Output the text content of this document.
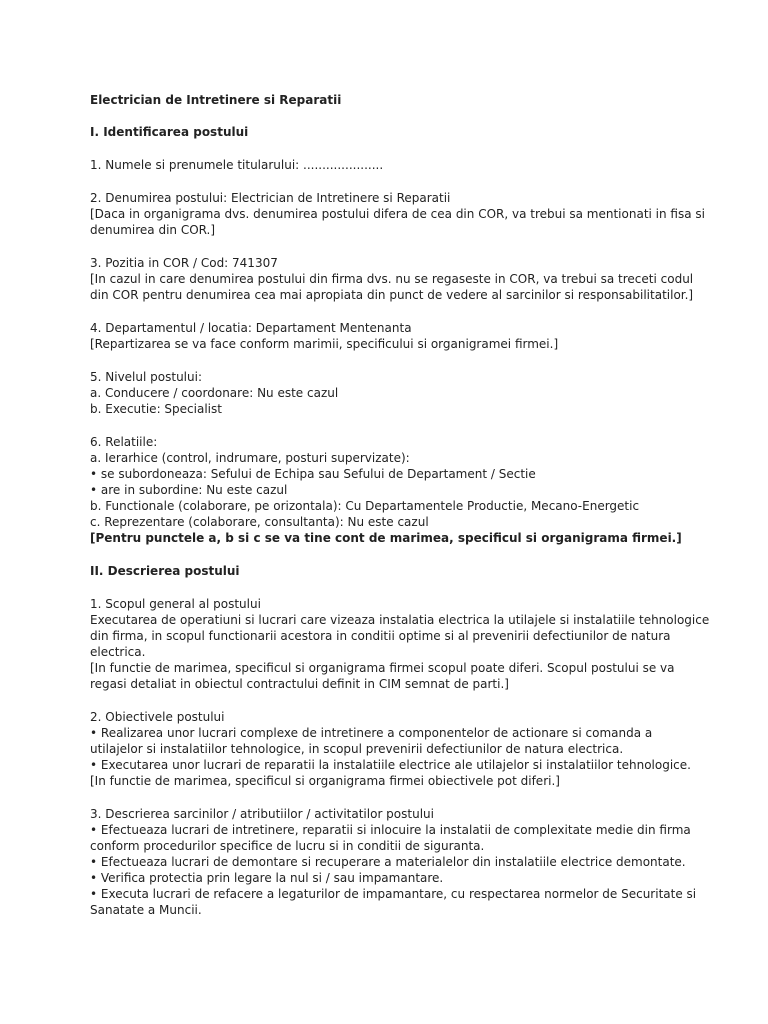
Electrician de Intretinere si Reparatii
I. Identificarea postului
1. Numele si prenumele titularului: .....................
2. Denumirea postului: Electrician de Intretinere si Reparatii
[Daca in organigrama dvs. denumirea postului difera de cea din COR, va trebui sa mentionati in fisa si
denumirea din COR.]
3. Pozitia in COR / Cod: 741307
[In cazul in care denumirea postului din firma dvs. nu se regaseste in COR, va trebui sa treceti codul
din COR pentru denumirea cea mai apropiata din punct de vedere al sarcinilor si responsabilitatilor.]
4. Departamentul / locatia: Departament Mentenanta
[Repartizarea se va face conform marimii, specificului si organigramei firmei.]
5. Nivelul postului:
a. Conducere / coordonare: Nu este cazul
b. Executie: Specialist
6. Relatiile:
a. Ierarhice (control, indrumare, posturi supervizate):
• se subordoneaza: Sefului de Echipa sau Sefului de Departament / Sectie
• are in subordine: Nu este cazul
b. Functionale (colaborare, pe orizontala): Cu Departamentele Productie, Mecano-Energetic
c. Reprezentare (colaborare, consultanta): Nu este cazul
[Pentru punctele a, b si c se va tine cont de marimea, specificul si organigrama firmei.]
II. Descrierea postului
1. Scopul general al postului
Executarea de operatiuni si lucrari care vizeaza instalatia electrica la utilajele si instalatiile tehnologice
din firma, in scopul functionarii acestora in conditii optime si al prevenirii defectiunilor de natura
electrica.
[In functie de marimea, specificul si organigrama firmei scopul poate diferi. Scopul postului se va
regasi detaliat in obiectul contractului definit in CIM semnat de parti.]
2. Obiectivele postului
• Realizarea unor lucrari complexe de intretinere a componentelor de actionare si comanda a
utilajelor si instalatiilor tehnologice, in scopul prevenirii defectiunilor de natura electrica.
• Executarea unor lucrari de reparatii la instalatiile electrice ale utilajelor si instalatiilor tehnologice.
[In functie de marimea, specificul si organigrama firmei obiectivele pot diferi.]
3. Descrierea sarcinilor / atributiilor / activitatilor postului
• Efectueaza lucrari de intretinere, reparatii si inlocuire la instalatii de complexitate medie din firma
conform procedurilor specifice de lucru si in conditii de siguranta.
• Efectueaza lucrari de demontare si recuperare a materialelor din instalatiile electrice demontate.
• Verifica protectia prin legare la nul si / sau impamantare.
• Executa lucrari de refacere a legaturilor de impamantare, cu respectarea normelor de Securitate si
Sanatate a Muncii.
